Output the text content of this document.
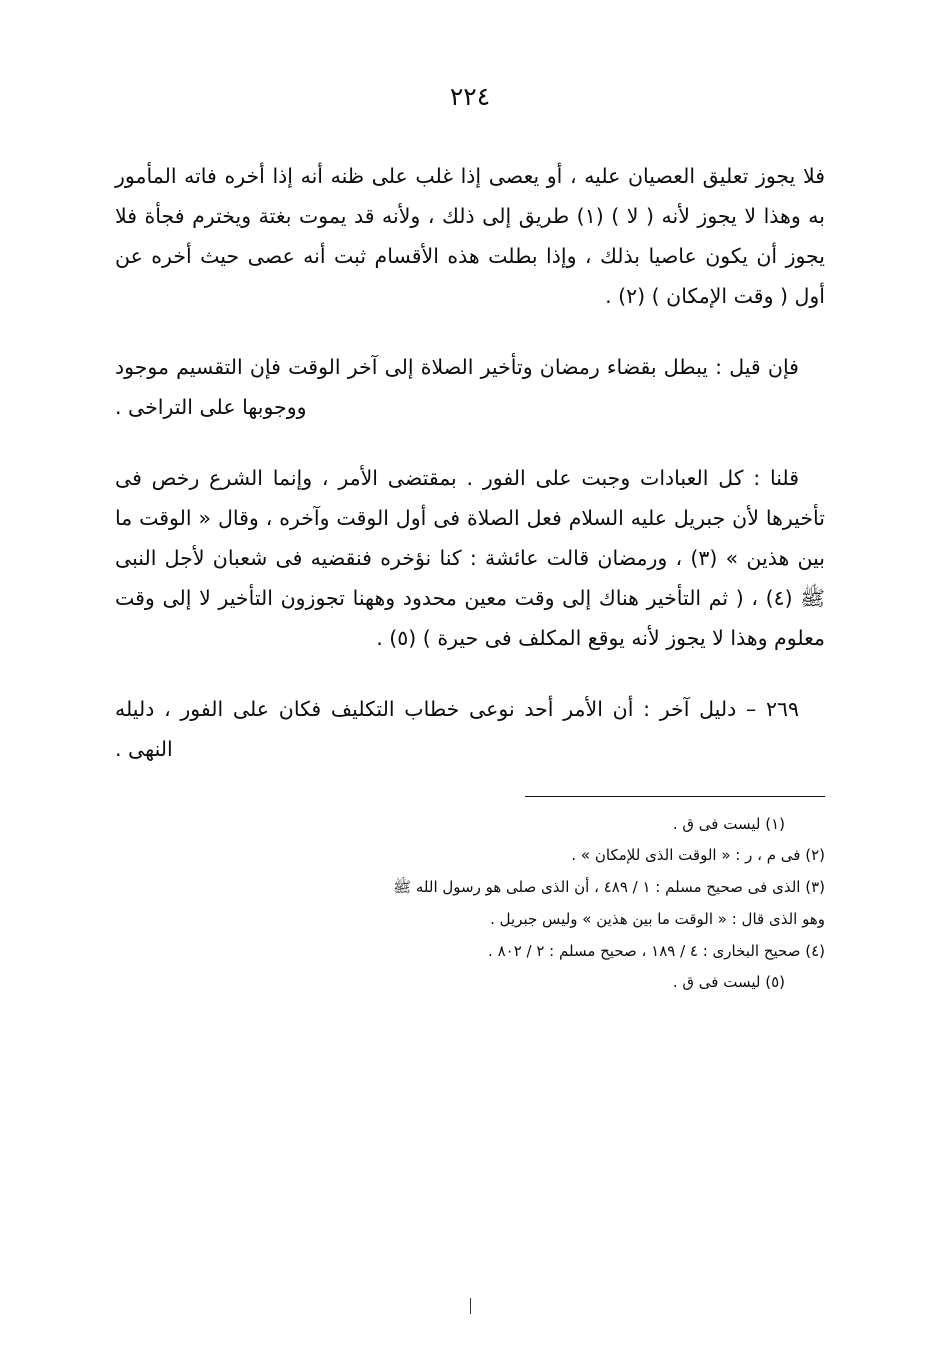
٢٢٤

فلا يجوز تعليق العصيان عليه ، أو يعصى إذا غلب على ظنه أنه إذا أخره فاته المأمور به وهذا لا يجوز لأنه ( لا ) (١) طريق إلى ذلك ، ولأنه قد يموت بغتة ويخترم فجأة فلا يجوز أن يكون عاصيا بذلك ، وإذا بطلت هذه الأقسام ثبت أنه عصى حيث أخره عن أول ( وقت الإمكان ) (٢) .

فإن قيل : يبطل بقضاء رمضان وتأخير الصلاة إلى آخر الوقت فإن التقسيم موجود ووجوبها على التراخى .

قلنا : كل العبادات وجبت على الفور . بمقتضى الأمر ، وإنما الشرع رخص فى تأخيرها لأن جبريل عليه السلام فعل الصلاة فى أول الوقت وآخره ، وقال « الوقت ما بين هذين » (٣) ، ورمضان قالت عائشة : كنا نؤخره فنقضيه فى شعبان لأجل النبى ﷺ (٤) ، ( ثم التأخير هناك إلى وقت معين محدود وههنا تجوزون التأخير لا إلى وقت معلوم وهذا لا يجوز لأنه يوقع المكلف فى حيرة ) (٥) .

٢٦٩ – دليل آخر : أن الأمر أحد نوعى خطاب التكليف فكان على الفور ، دليله النهى .

(١) ليست فى ق .

(٢) فى م ، ر : « الوقت الذى للإمكان » .

(٣) الذى فى صحيح مسلم : ١ / ٤٨٩ ، أن الذى صلى هو رسول الله ﷺ

وهو الذى قال : « الوقت ما بين هذين » وليس جبريل .

(٤) صحيح البخارى : ٤ / ١٨٩ ، صحيح مسلم : ٢ / ٨٠٢ .

(٥) ليست فى ق .
